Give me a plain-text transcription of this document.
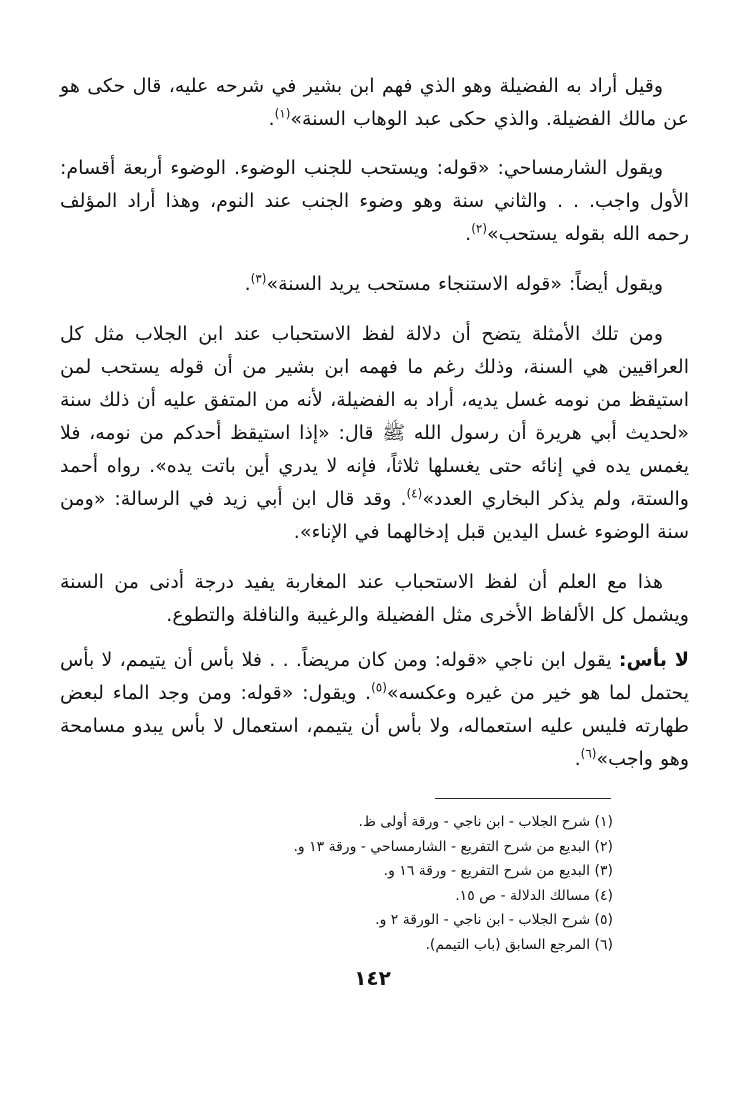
وقيل أراد به الفضيلة وهو الذي فهم ابن بشير في شرحه عليه، قال حكى هو عن مالك الفضيلة. والذي حكى عبد الوهاب السنة»$^{(١)}$.

ويقول الشارمساحي: «قوله: ويستحب للجنب الوضوء. الوضوء أربعة أقسام: الأول واجب. . . والثاني سنة وهو وضوء الجنب عند النوم، وهذا أراد المؤلف رحمه الله بقوله يستحب»$^{(٢)}$.

ويقول أيضاً: «قوله الاستنجاء مستحب يريد السنة»$^{(٣)}$.

ومن تلك الأمثلة يتضح أن دلالة لفظ الاستحباب عند ابن الجلاب مثل كل العراقيين هي السنة، وذلك رغم ما فهمه ابن بشير من أن قوله يستحب لمن استيقظ من نومه غسل يديه، أراد به الفضيلة، لأنه من المتفق عليه أن ذلك سنة «لحديث أبي هريرة أن رسول الله ﷺ قال: «إذا استيقظ أحدكم من نومه، فلا يغمس يده في إنائه حتى يغسلها ثلاثاً، فإنه لا يدري أين باتت يده». رواه أحمد والستة، ولم يذكر البخاري العدد»$^{(٤)}$. وقد قال ابن أبي زيد في الرسالة: «ومن سنة الوضوء غسل اليدين قبل إدخالهما في الإناء».

هذا مع العلم أن لفظ الاستحباب عند المغاربة يفيد درجة أدنى من السنة ويشمل كل الألفاظ الأخرى مثل الفضيلة والرغيبة والنافلة والتطوع.

لا بأس: يقول ابن ناجي «قوله: ومن كان مريضاً. . . فلا بأس أن يتيمم، لا بأس يحتمل لما هو خير من غيره وعكسه»$^{(٥)}$. ويقول: «قوله: ومن وجد الماء لبعض طهارته فليس عليه استعماله، ولا بأس أن يتيمم، استعمال لا بأس يبدو مسامحة وهو واجب»$^{(٦)}$.

(١) شرح الجلاب - ابن ناجي - ورقة أولى ظ.
(٢) البديع من شرح التفريع - الشارمساحي - ورقة ١٣ و.
(٣) البديع من شرح التفريع - ورقة ١٦ و.
(٤) مسالك الدلالة - ص ١٥.
(٥) شرح الجلاب - ابن ناجي - الورقة ٢ و.
(٦) المرجع السابق (باب التيمم).
١٤٢
